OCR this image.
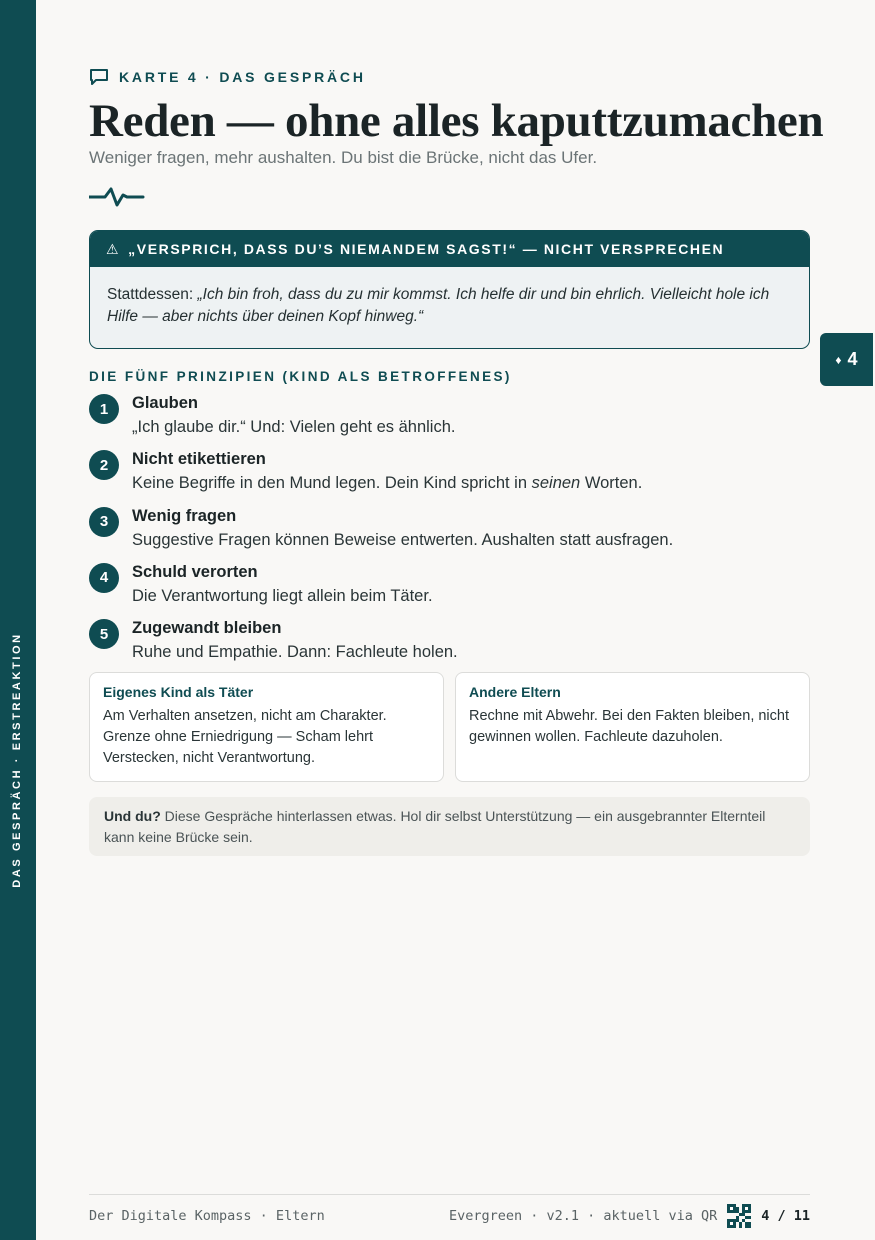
DAS GESPRÄCH · ERSTREAKTION
♦ 4
KARTE 4 · DAS GESPRÄCH
Reden — ohne alles kaputtzumachen
Weniger fragen, mehr aushalten. Du bist die Brücke, nicht das Ufer.
⚠ „VERSPRICH, DASS DU’S NIEMANDEM SAGST!“ — NICHT VERSPRECHEN
Stattdessen: „Ich bin froh, dass du zu mir kommst. Ich helfe dir und bin ehrlich. Vielleicht hole ich Hilfe — aber nichts über deinen Kopf hinweg.“
DIE FÜNF PRINZIPIEN (KIND ALS BETROFFENES)
1	Glauben
„Ich glaube dir.“ Und: Vielen geht es ähnlich.
2	Nicht etikettieren
Keine Begriffe in den Mund legen. Dein Kind spricht in seinen Worten.
3	Wenig fragen
Suggestive Fragen können Beweise entwerten. Aushalten statt ausfragen.
4	Schuld verorten
Die Verantwortung liegt allein beim Täter.
5	Zugewandt bleiben
Ruhe und Empathie. Dann: Fachleute holen.
Eigenes Kind als Täter
Am Verhalten ansetzen, nicht am Charakter. Grenze ohne Erniedrigung — Scham lehrt Verstecken, nicht Verantwortung.
Andere Eltern
Rechne mit Abwehr. Bei den Fakten bleiben, nicht gewinnen wollen. Fachleute dazuholen.
Und du? Diese Gespräche hinterlassen etwas. Hol dir selbst Unterstützung — ein ausgebrannter Elternteil kann keine Brücke sein.
Der Digitale Kompass · Eltern	Evergreen · v2.1 · aktuell via QR	4 / 11
